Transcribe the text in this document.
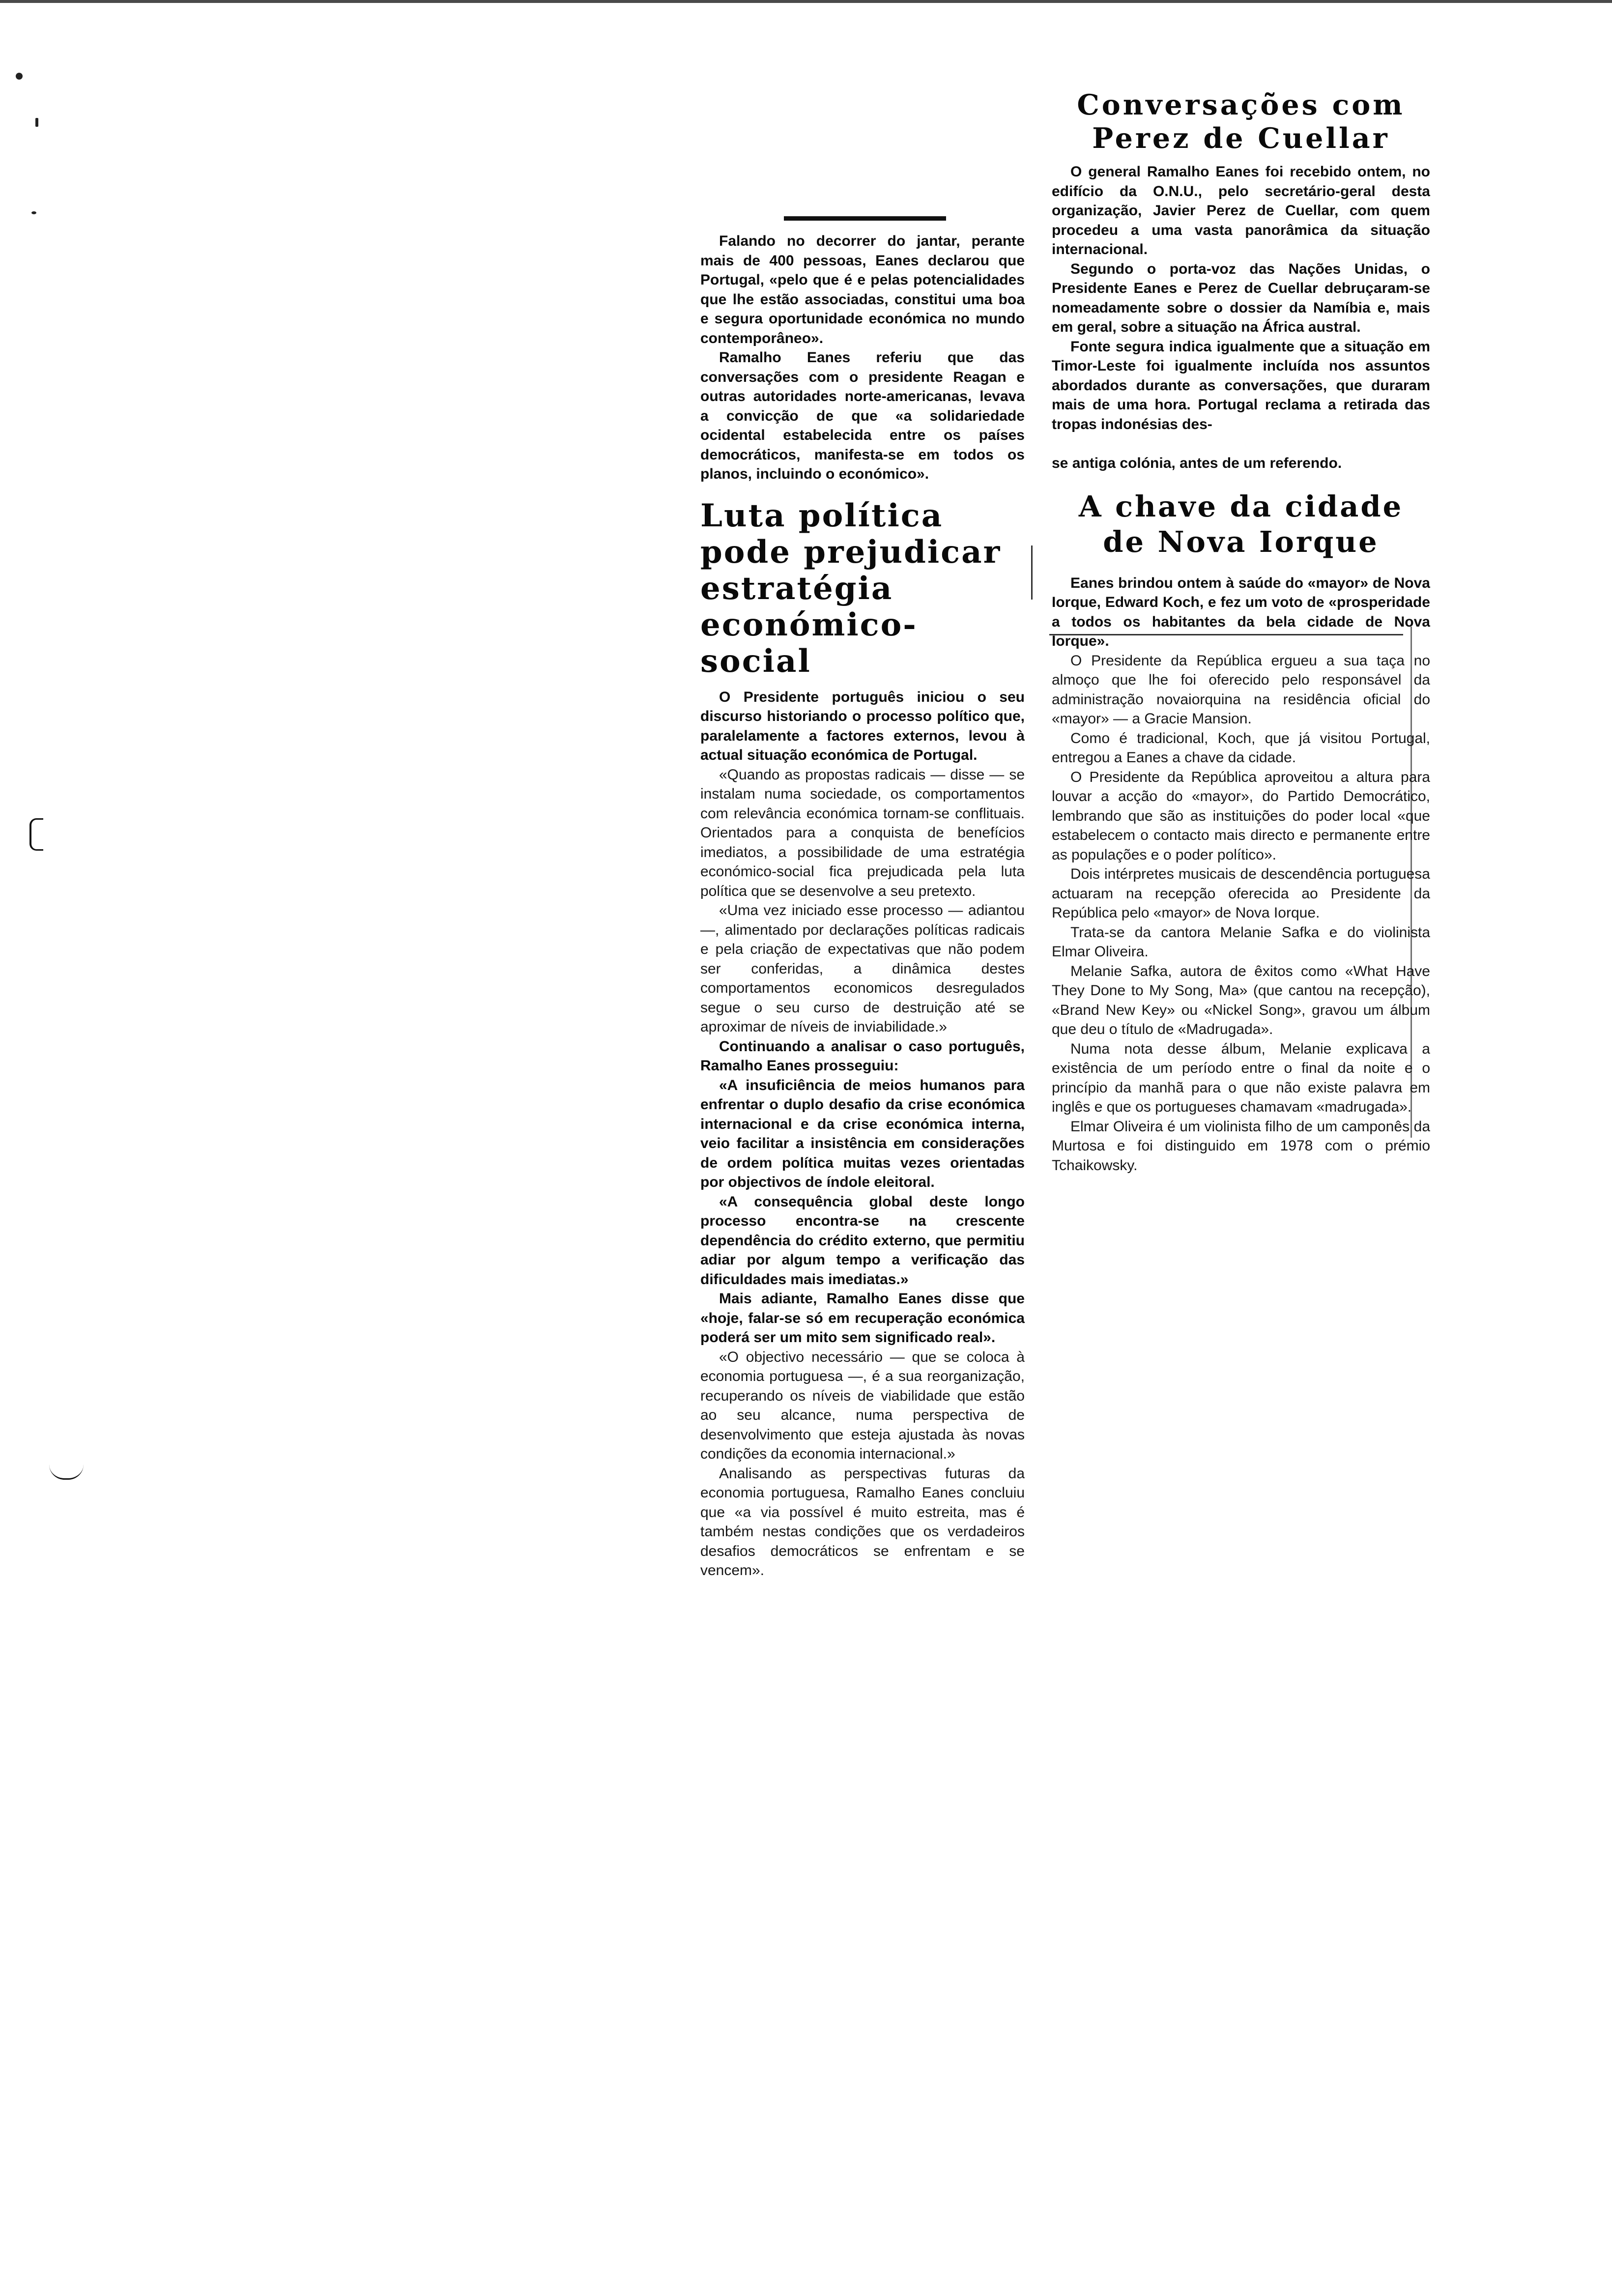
Falando no decorrer do jantar, perante mais de 400 pessoas, Eanes declarou que Portugal, «pelo que é e pelas potencialidades que lhe estão associadas, constitui uma boa e segura oportunidade económica no mundo contemporâneo».

Ramalho Eanes referiu que das conversações com o presidente Reagan e outras autoridades norte-americanas, levava a convicção de que «a solidariedade ocidental estabelecida entre os países democráticos, manifesta-se em todos os planos, incluindo o económico».

Luta política pode prejudicar estratégia económico-social

O Presidente português iniciou o seu discurso historiando o processo político que, paralelamente a factores externos, levou à actual situação económica de Portugal.

«Quando as propostas radicais — disse — se instalam numa sociedade, os comportamentos com relevância económica tornam-se conflituais. Orientados para a conquista de benefícios imediatos, a possibilidade de uma estratégia económico-social fica prejudicada pela luta política que se desenvolve a seu pretexto.

«Uma vez iniciado esse processo — adiantou —, alimentado por declarações políticas radicais e pela criação de expectativas que não podem ser conferidas, a dinâmica destes comportamentos economicos desregulados segue o seu curso de destruição até se aproximar de níveis de inviabilidade.»

Continuando a analisar o caso português, Ramalho Eanes prosseguiu:

«A insuficiência de meios humanos para enfrentar o duplo desafio da crise económica internacional e da crise económica interna, veio facilitar a insistência em considerações de ordem política muitas vezes orientadas por objectivos de índole eleitoral.

«A consequência global deste longo processo encontra-se na crescente dependência do crédito externo, que permitiu adiar por algum tempo a verificação das dificuldades mais imediatas.»

Mais adiante, Ramalho Eanes disse que «hoje, falar-se só em recuperação económica poderá ser um mito sem significado real».

«O objectivo necessário — que se coloca à economia portuguesa —, é a sua reorganização, recuperando os níveis de viabilidade que estão ao seu alcance, numa perspectiva de desenvolvimento que esteja ajustada às novas condições da economia internacional.»

Analisando as perspectivas futuras da economia portuguesa, Ramalho Eanes concluiu que «a via possível é muito estreita, mas é também nestas condições que os verdadeiros desafios democráticos se enfrentam e se vencem».

Conversações com Perez de Cuellar

O general Ramalho Eanes foi recebido ontem, no edifício da O.N.U., pelo secretário-geral desta organização, Javier Perez de Cuellar, com quem procedeu a uma vasta panorâmica da situação internacional.

Segundo o porta-voz das Nações Unidas, o Presidente Eanes e Perez de Cuellar debruçaram-se nomeadamente sobre o dossier da Namíbia e, mais em geral, sobre a situação na África austral.

Fonte segura indica igualmente que a situação em Timor-Leste foi igualmente incluída nos assuntos abordados durante as conversações, que duraram mais de uma hora. Portugal reclama a retirada das tropas indonésias des-

se antiga colónia, antes de um referendo.

A chave da cidade de Nova Iorque

Eanes brindou ontem à saúde do «mayor» de Nova Iorque, Edward Koch, e fez um voto de «prosperidade a todos os habitantes da bela cidade de Nova Iorque».

O Presidente da República ergueu a sua taça no almoço que lhe foi oferecido pelo responsável da administração novaiorquina na residência oficial do «mayor» — a Gracie Mansion.

Como é tradicional, Koch, que já visitou Portugal, entregou a Eanes a chave da cidade.

O Presidente da República aproveitou a altura para louvar a acção do «mayor», do Partido Democrático, lembrando que são as instituições do poder local «que estabelecem o contacto mais directo e permanente entre as populações e o poder político».

Dois intérpretes musicais de descendência portuguesa actuaram na recepção oferecida ao Presidente da República pelo «mayor» de Nova Iorque.

Trata-se da cantora Melanie Safka e do violinista Elmar Oliveira.

Melanie Safka, autora de êxitos como «What Have They Done to My Song, Ma» (que cantou na recepção), «Brand New Key» ou «Nickel Song», gravou um álbum que deu o título de «Madrugada».

Numa nota desse álbum, Melanie explicava a existência de um período entre o final da noite e o princípio da manhã para o que não existe palavra em inglês e que os portugueses chamavam «madrugada».

Elmar Oliveira é um violinista filho de um camponês da Murtosa e foi distinguido em 1978 com o prémio Tchaikowsky.
